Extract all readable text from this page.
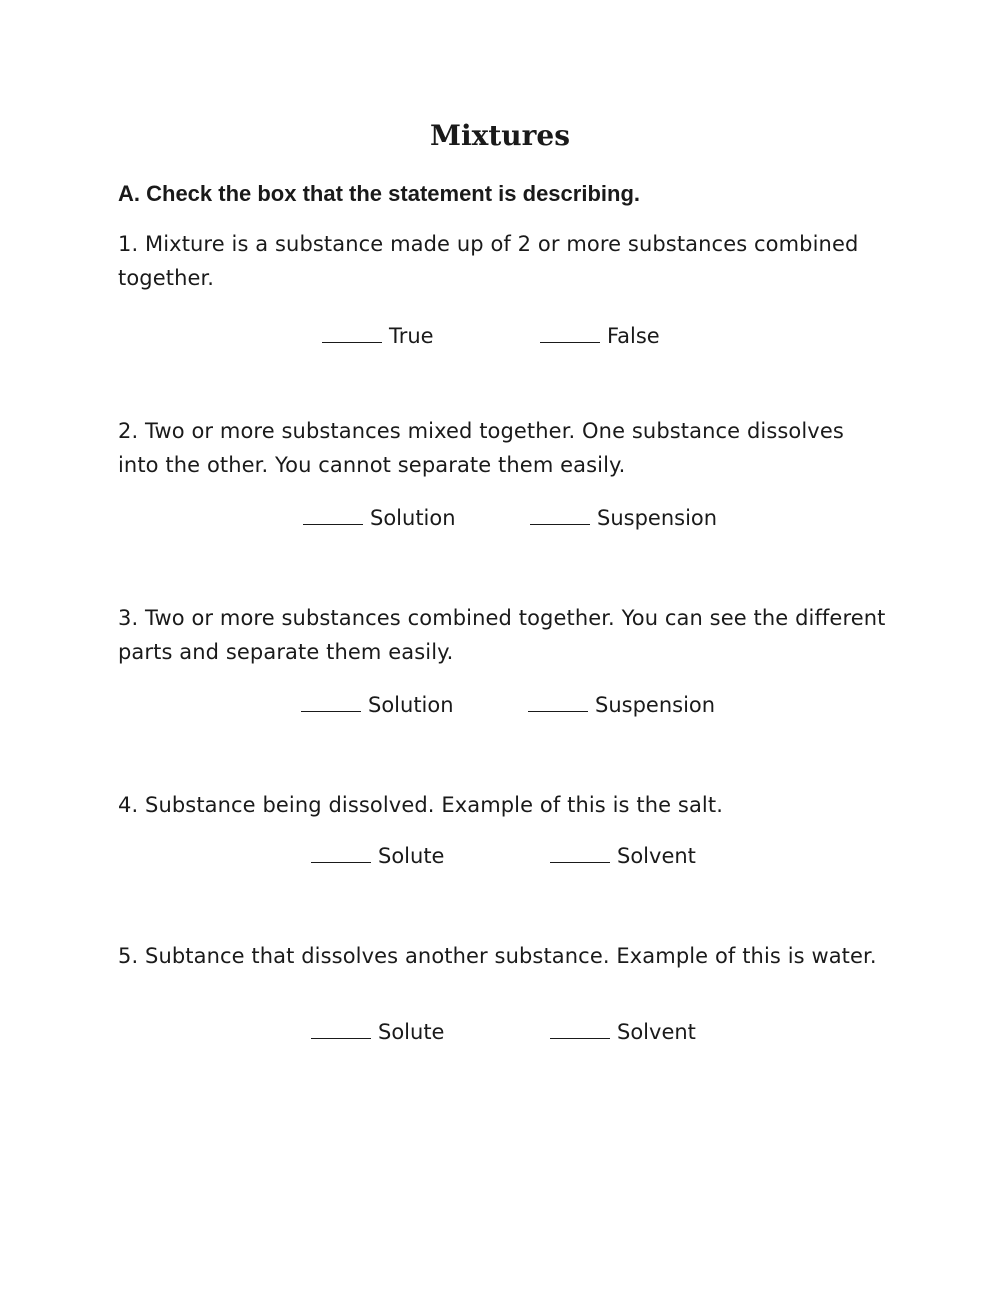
Mixtures

A. Check the box that the statement is describing.

1. Mixture is a substance made up of 2 or more substances combined together.

True	False

2. Two or more substances mixed together. One substance dissolves into the other. You cannot separate them easily.

Solution	Suspension

3. Two or more substances combined together. You can see the different parts and separate them easily.

Solution	Suspension

4. Substance being dissolved. Example of this is the salt.

Solute	Solvent

5. Subtance that dissolves another substance. Example of this is water.

Solute	Solvent
